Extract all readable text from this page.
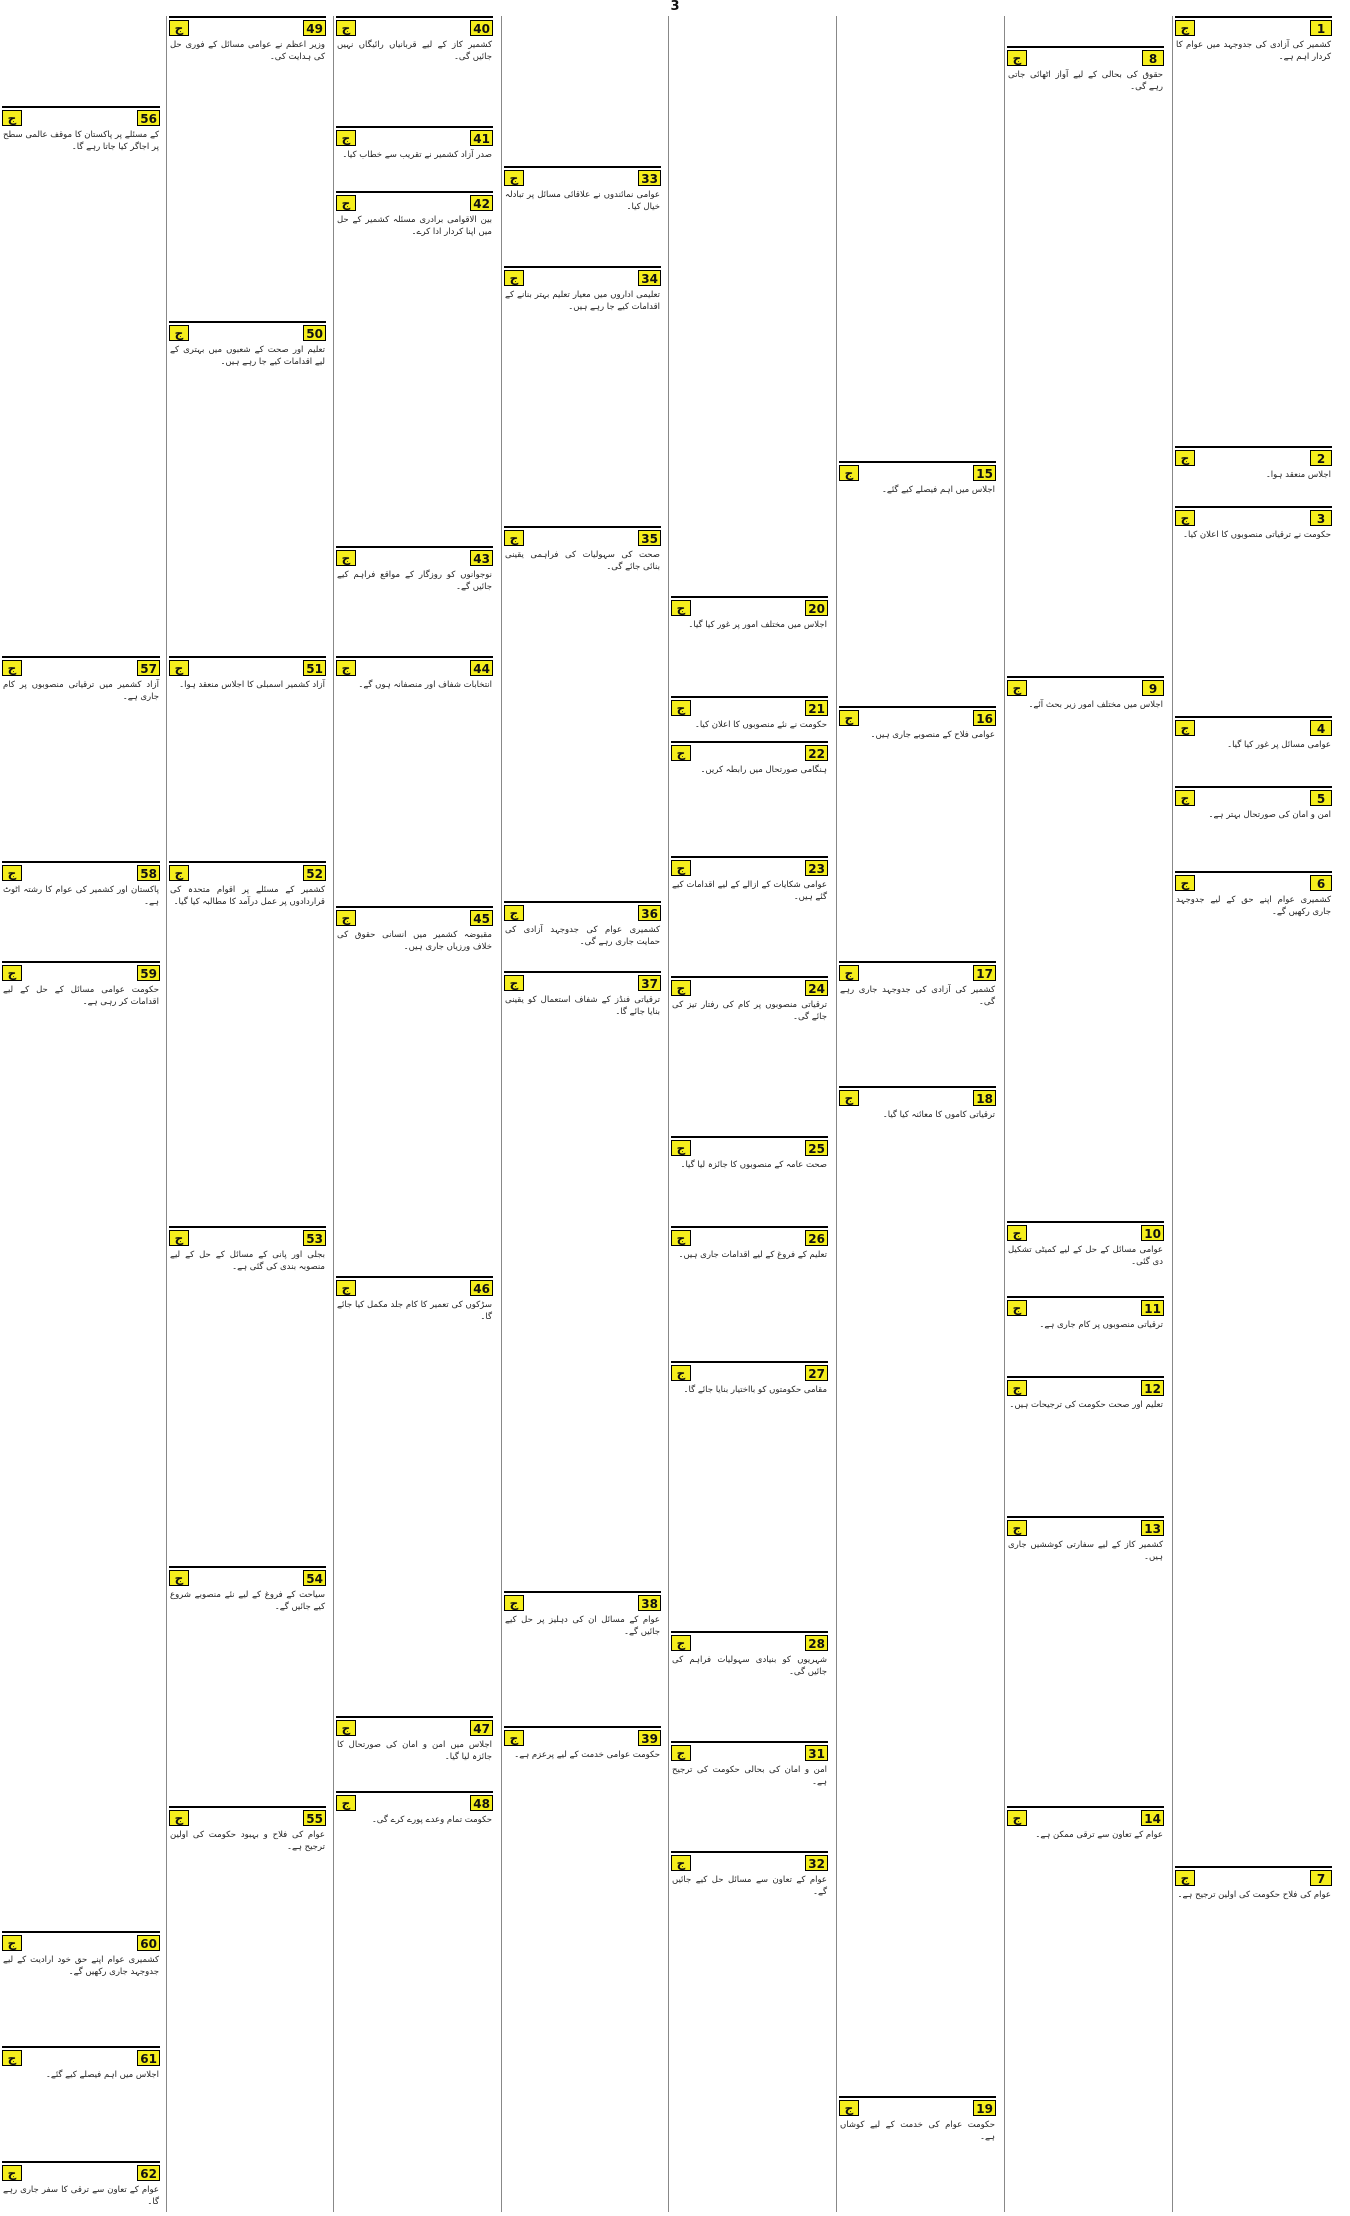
3
56
ج
کے مسئلے پر پاکستان کا موقف عالمی سطح پر اجاگر کیا جاتا رہے گا۔
57
ج
آزاد کشمیر میں ترقیاتی منصوبوں پر کام جاری ہے۔
58
ج
پاکستان اور کشمیر کی عوام کا رشتہ اٹوٹ ہے۔
59
ج
حکومت عوامی مسائل کے حل کے لیے اقدامات کر رہی ہے۔
60
ج
کشمیری عوام اپنے حق خود ارادیت کے لیے جدوجہد جاری رکھیں گے۔
61
ج
اجلاس میں اہم فیصلے کیے گئے۔
62
ج
عوام کے تعاون سے ترقی کا سفر جاری رہے گا۔
49
ج
وزیر اعظم نے عوامی مسائل کے فوری حل کی ہدایت کی۔
50
ج
تعلیم اور صحت کے شعبوں میں بہتری کے لیے اقدامات کیے جا رہے ہیں۔
51
ج
آزاد کشمیر اسمبلی کا اجلاس منعقد ہوا۔
52
ج
کشمیر کے مسئلے پر اقوام متحدہ کی قراردادوں پر عمل درآمد کا مطالبہ کیا گیا۔
53
ج
بجلی اور پانی کے مسائل کے حل کے لیے منصوبہ بندی کی گئی ہے۔
54
ج
سیاحت کے فروغ کے لیے نئے منصوبے شروع کیے جائیں گے۔
55
ج
عوام کی فلاح و بہبود حکومت کی اولین ترجیح ہے۔
40
ج
کشمیر کاز کے لیے قربانیاں رائیگاں نہیں جائیں گی۔
41
ج
صدر آزاد کشمیر نے تقریب سے خطاب کیا۔
42
ج
بین الاقوامی برادری مسئلہ کشمیر کے حل میں اپنا کردار ادا کرے۔
43
ج
نوجوانوں کو روزگار کے مواقع فراہم کیے جائیں گے۔
44
ج
انتخابات شفاف اور منصفانہ ہوں گے۔
45
ج
مقبوضہ کشمیر میں انسانی حقوق کی خلاف ورزیاں جاری ہیں۔
46
ج
سڑکوں کی تعمیر کا کام جلد مکمل کیا جائے گا۔
47
ج
اجلاس میں امن و امان کی صورتحال کا جائزہ لیا گیا۔
48
ج
حکومت تمام وعدے پورے کرے گی۔
33
ج
عوامی نمائندوں نے علاقائی مسائل پر تبادلہ خیال کیا۔
34
ج
تعلیمی اداروں میں معیار تعلیم بہتر بنانے کے اقدامات کیے جا رہے ہیں۔
35
ج
صحت کی سہولیات کی فراہمی یقینی بنائی جائے گی۔
36
ج
کشمیری عوام کی جدوجہد آزادی کی حمایت جاری رہے گی۔
37
ج
ترقیاتی فنڈز کے شفاف استعمال کو یقینی بنایا جائے گا۔
38
ج
عوام کے مسائل ان کی دہلیز پر حل کیے جائیں گے۔
39
ج
حکومت عوامی خدمت کے لیے پرعزم ہے۔
20
ج
اجلاس میں مختلف امور پر غور کیا گیا۔
21
ج
حکومت نے نئے منصوبوں کا اعلان کیا۔
22
ج
ہنگامی صورتحال میں رابطہ کریں۔
23
ج
عوامی شکایات کے ازالے کے لیے اقدامات کیے گئے ہیں۔
24
ج
ترقیاتی منصوبوں پر کام کی رفتار تیز کی جائے گی۔
25
ج
صحت عامہ کے منصوبوں کا جائزہ لیا گیا۔
26
ج
تعلیم کے فروغ کے لیے اقدامات جاری ہیں۔
27
ج
مقامی حکومتوں کو بااختیار بنایا جائے گا۔
28
ج
شہریوں کو بنیادی سہولیات فراہم کی جائیں گی۔
31
ج
امن و امان کی بحالی حکومت کی ترجیح ہے۔
32
ج
عوام کے تعاون سے مسائل حل کیے جائیں گے۔
15
ج
اجلاس میں اہم فیصلے کیے گئے۔
16
ج
عوامی فلاح کے منصوبے جاری ہیں۔
17
ج
کشمیر کی آزادی کی جدوجہد جاری رہے گی۔
18
ج
ترقیاتی کاموں کا معائنہ کیا گیا۔
19
ج
حکومت عوام کی خدمت کے لیے کوشاں ہے۔
8
ج
حقوق کی بحالی کے لیے آواز اٹھائی جاتی رہے گی۔
9
ج
اجلاس میں مختلف امور زیر بحث آئے۔
10
ج
عوامی مسائل کے حل کے لیے کمیٹی تشکیل دی گئی۔
11
ج
ترقیاتی منصوبوں پر کام جاری ہے۔
12
ج
تعلیم اور صحت حکومت کی ترجیحات ہیں۔
13
ج
کشمیر کاز کے لیے سفارتی کوششیں جاری ہیں۔
14
ج
عوام کے تعاون سے ترقی ممکن ہے۔
1
ج
کشمیر کی آزادی کی جدوجہد میں عوام کا کردار اہم ہے۔
2
ج
اجلاس منعقد ہوا۔
3
ج
حکومت نے ترقیاتی منصوبوں کا اعلان کیا۔
4
ج
عوامی مسائل پر غور کیا گیا۔
5
ج
امن و امان کی صورتحال بہتر ہے۔
6
ج
کشمیری عوام اپنے حق کے لیے جدوجہد جاری رکھیں گے۔
7
ج
عوام کی فلاح حکومت کی اولین ترجیح ہے۔
